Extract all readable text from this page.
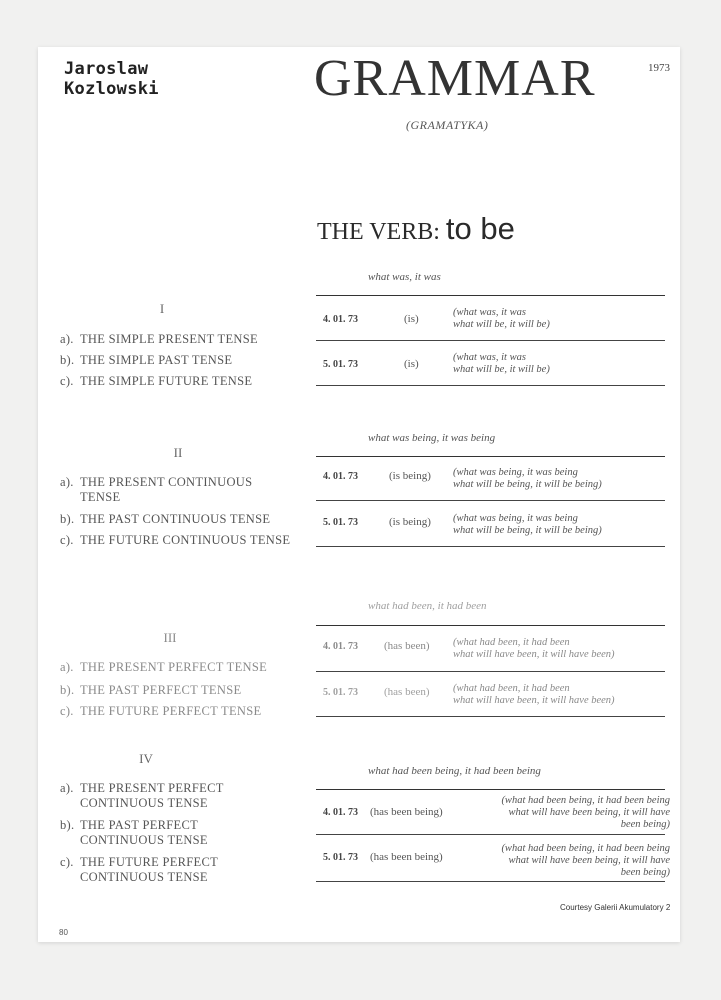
Jaroslaw
Kozlowski	GRAMMAR	1973
(GRAMATYKA)
THE VERB: to be
I
a). THE SIMPLE PRESENT TENSE
b). THE SIMPLE PAST TENSE
c). THE SIMPLE FUTURE TENSE
what was, it was
4. 01. 73	(is)
(what was, it was
what will be, it will be)
5. 01. 73	(is)
(what was, it was
what will be, it will be)
II
a). THE PRESENT CONTINUOUS TENSE
b). THE PAST CONTINUOUS TENSE
c). THE FUTURE CONTINUOUS TENSE
what was being, it was being
4. 01. 73	(is being) (what was being, it was being
what will be being, it will be being)
5. 01. 73	(is being) (what was being, it was being
what will be being, it will be being)
III
a). THE PRESENT PERFECT TENSE
b). THE PAST PERFECT TENSE
c). THE FUTURE PERFECT TENSE
what had been, it had been
4. 01. 73 (has been) (what had been, it had been
what will have been, it will have been)
5. 01. 73 (has been) (what had been, it had been
what will have been, it will have been)
IV
a). THE PRESENT PERFECT CONTINUOUS TENSE
b). THE PAST PERFECT CONTINUOUS TENSE
c). THE FUTURE PERFECT CONTINUOUS TENSE
what had been being, it had been being
4. 01. 73 (has been being)
(what had been being, it had been being
what will have been being, it will have
been being)
5. 01. 73 (has been being)
(what had been being, it had been being
what will have been being, it will have
been being)
Courtesy Galerii Akumulatory 2
80
